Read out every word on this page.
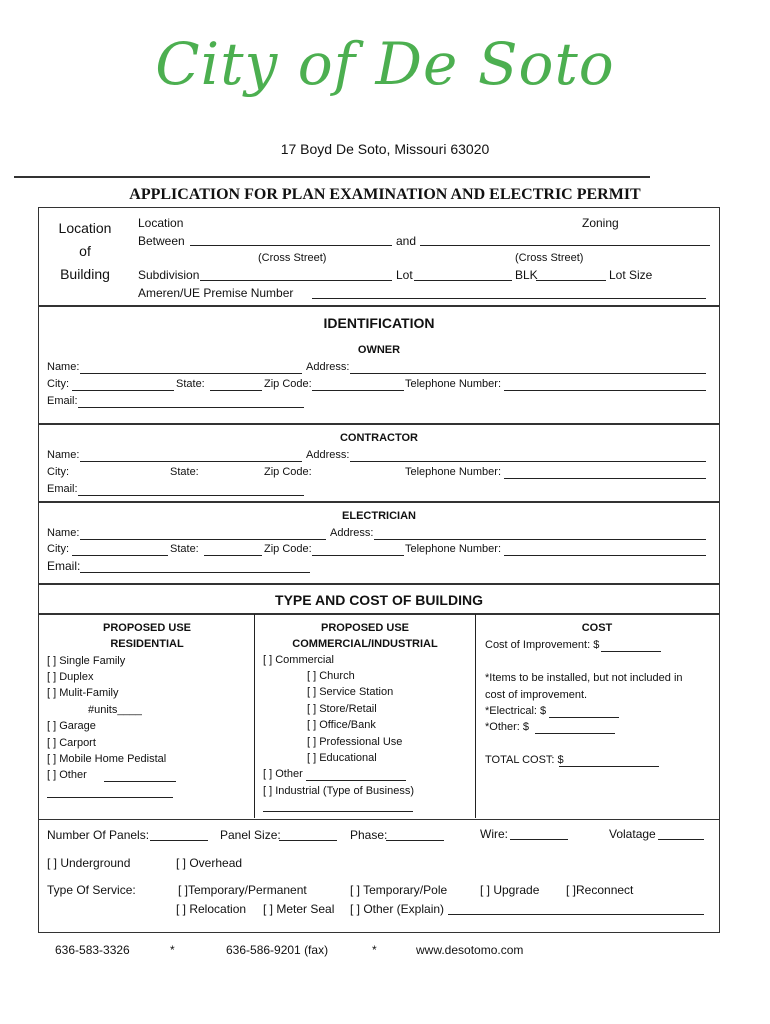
City of De Soto
17 Boyd De Soto, Missouri 63020
APPLICATION FOR PLAN EXAMINATION AND ELECTRIC PERMIT
Location
of
Building
Location	Zoning
Between	and
(Cross Street)	(Cross Street)
Subdivision	Lot	BLK	Lot Size
Ameren/UE Premise Number
IDENTIFICATION
OWNER
Name:	Address:
City:	State:	Zip Code:	Telephone Number:
Email:
CONTRACTOR
Name:	Address:
City:	State:	Zip Code:	Telephone Number:
Email:
ELECTRICIAN
Name:	Address:
City:	State:	Zip Code:	Telephone Number:
Email:
TYPE AND COST OF BUILDING
PROPOSED USE
RESIDENTIAL
[ ] Single Family
[ ] Duplex
[ ] Mulit-Family
#units____
[ ] Garage
[ ] Carport
[ ] Mobile Home Pedistal
[ ] Other
PROPOSED USE
COMMERCIAL/INDUSTRIAL
[ ] Commercial
[ ] Church
[ ] Service Station
[ ] Store/Retail
[ ] Office/Bank
[ ] Professional Use
[ ] Educational
[ ] Other
[ ] Industrial (Type of Business)
COST
Cost of Improvement: $
*Items to be installed, but not included in
cost of improvement.
*Electrical: $
*Other: $
TOTAL COST: $
Number Of Panels:	Panel Size:	Phase:	Wire:	Volatage
[ ] Underground	[ ] Overhead
Type Of Service:	[ ]Temporary/Permanent	[ ] Temporary/Pole	[ ] Upgrade [ ]Reconnect
[ ] Relocation [ ] Meter Seal [ ] Other (Explain)
636-583-3326	*	636-586-9201 (fax)	*	www.desotomo.com
